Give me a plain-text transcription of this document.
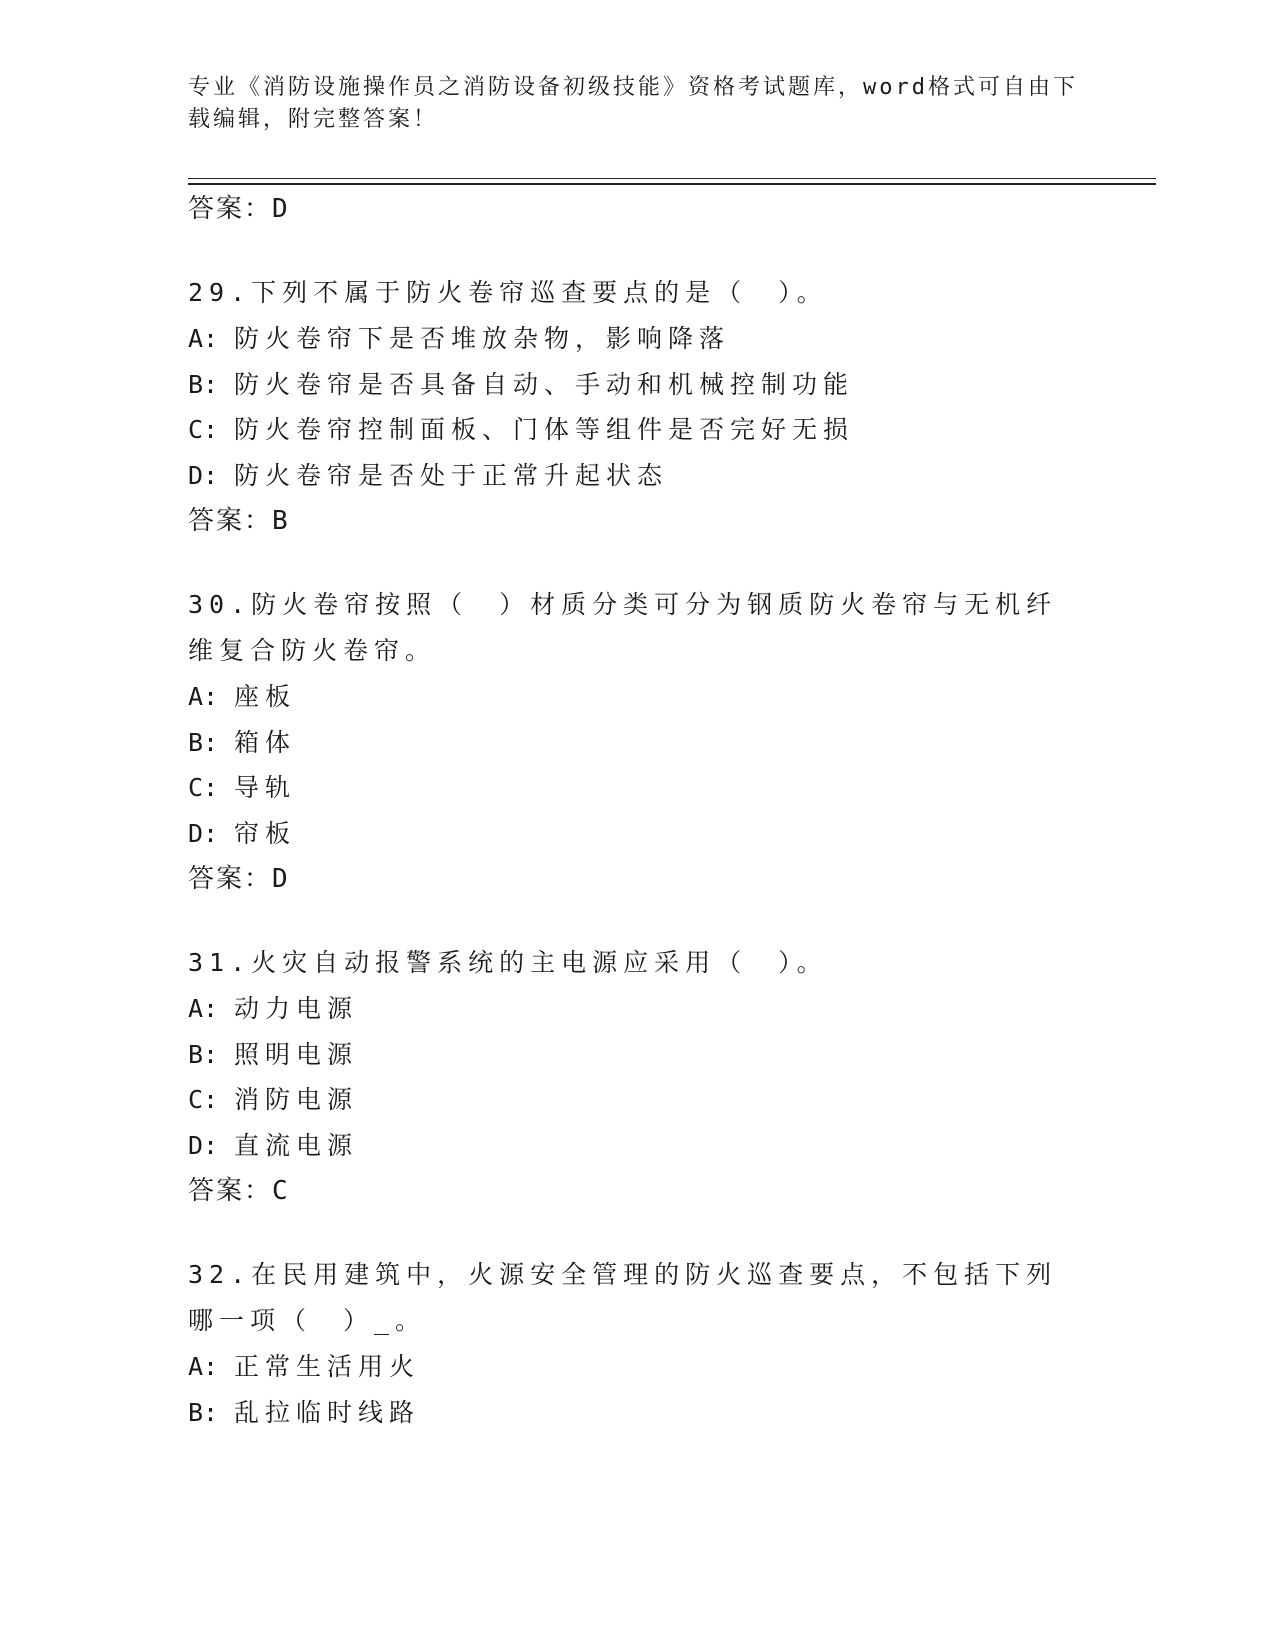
专业《消防设施操作员之消防设备初级技能》资格考试题库，word格式可自由下载编辑，附完整答案！
答案：D
29.下列不属于防火卷帘巡查要点的是（　）。
A: 防火卷帘下是否堆放杂物，影响降落
B: 防火卷帘是否具备自动、手动和机械控制功能
C: 防火卷帘控制面板、门体等组件是否完好无损
D: 防火卷帘是否处于正常升起状态
答案：B
30.防火卷帘按照（　）材质分类可分为钢质防火卷帘与无机纤维复合防火卷帘。
A: 座板
B: 箱体
C: 导轨
D: 帘板
答案：D
31.火灾自动报警系统的主电源应采用（　）。
A: 动力电源
B: 照明电源
C: 消防电源
D: 直流电源
答案：C
32.在民用建筑中，火源安全管理的防火巡查要点，不包括下列哪一项（　）_。
A: 正常生活用火
B: 乱拉临时线路
